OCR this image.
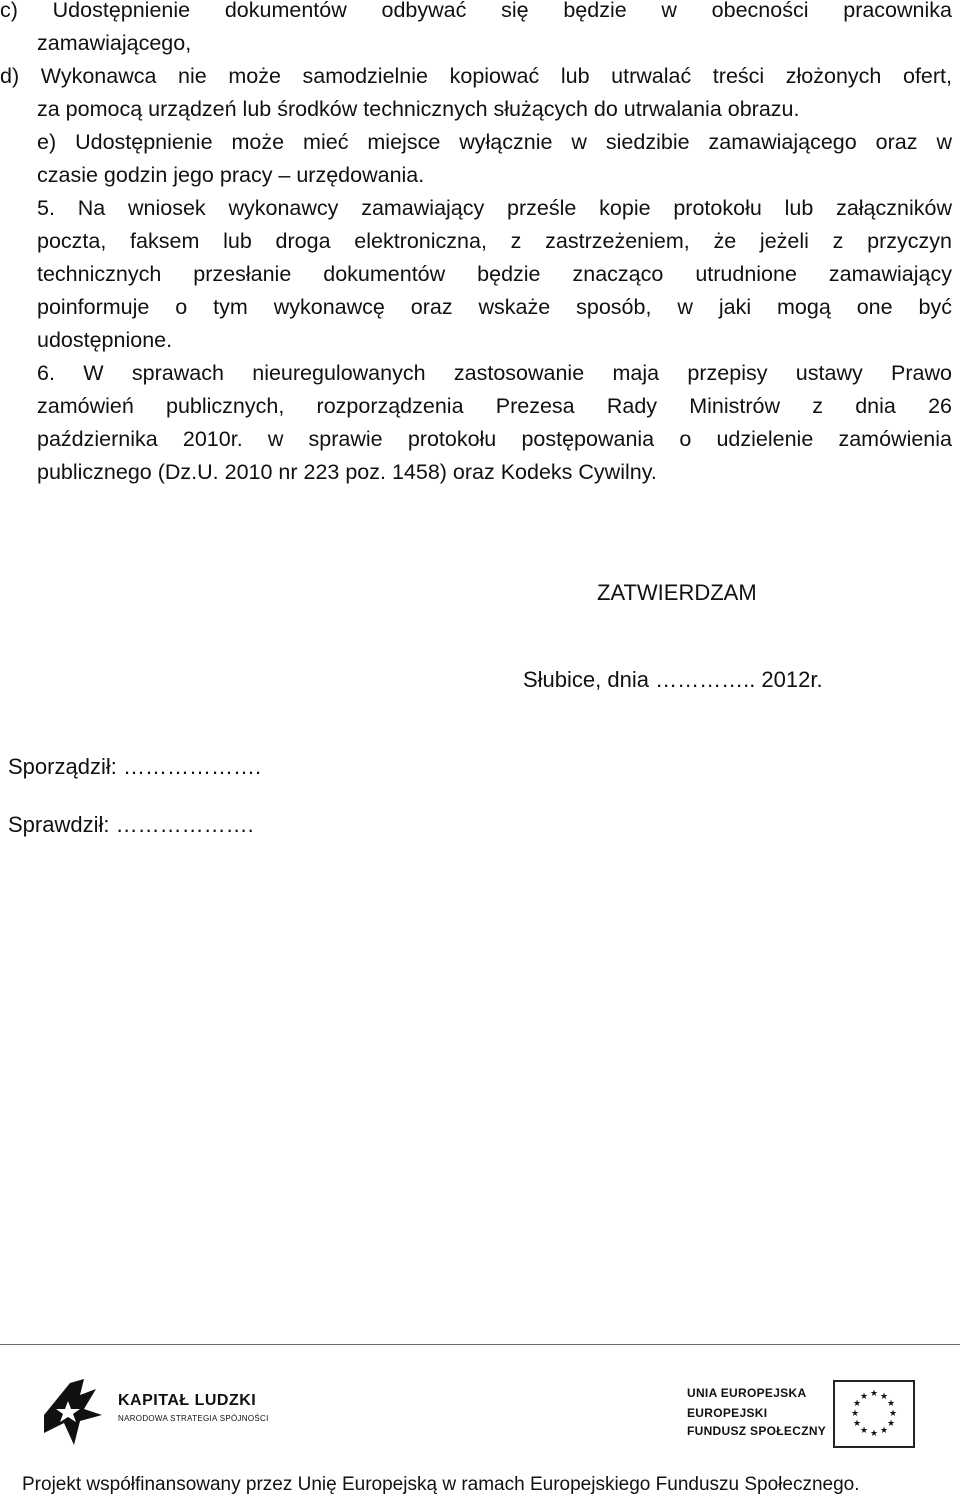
c) Udostępnienie dokumentów odbywać się będzie w obecności pracownika
zamawiającego,
d) Wykonawca nie może samodzielnie kopiować lub utrwalać treści złożonych ofert,
za pomocą urządzeń lub środków technicznych służących do utrwalania obrazu.
e) Udostępnienie może mieć miejsce wyłącznie w siedzibie zamawiającego oraz w
czasie godzin jego pracy – urzędowania.
5. Na wniosek wykonawcy zamawiający prześle kopie protokołu lub załączników
poczta, faksem lub droga elektroniczna, z zastrzeżeniem, że jeżeli z przyczyn
technicznych przesłanie dokumentów będzie znacząco utrudnione zamawiający
poinformuje o tym wykonawcę oraz wskaże sposób, w jaki mogą one być
udostępnione.
6. W sprawach nieuregulowanych zastosowanie maja przepisy ustawy Prawo
zamówień publicznych, rozporządzenia Prezesa Rady Ministrów z dnia 26
października 2010r. w sprawie protokołu postępowania o udzielenie zamówienia
publicznego (Dz.U. 2010 nr 223 poz. 1458) oraz Kodeks Cywilny.
ZATWIERDZAM
Słubice, dnia ………….. 2012r.
Sporządził: ……………….
Sprawdził: ……………….
KAPITAŁ LUDZKI
NARODOWA STRATEGIA SPÓJNOŚCI
UNIA EUROPEJSKA
EUROPEJSKI
FUNDUSZ SPOŁECZNY
★ ★
★
★
★
★
★
★
★
★
★
★
Projekt współfinansowany przez Unię Europejską w ramach Europejskiego Funduszu Społecznego.
